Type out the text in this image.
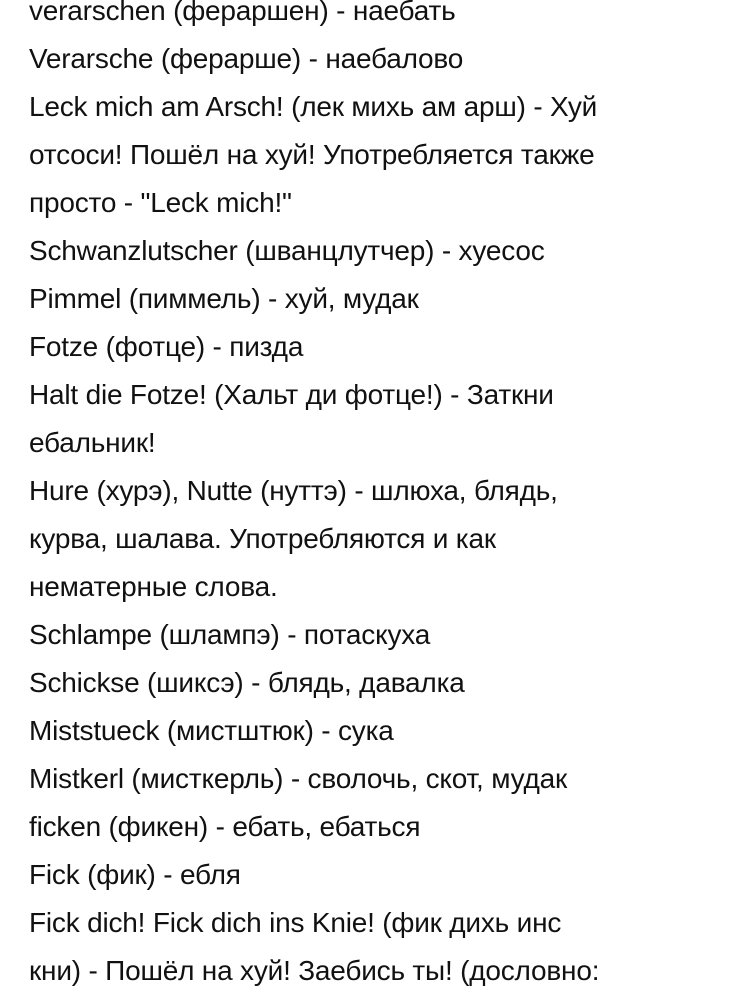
verarschen (фераршен) - наебать
Verarsche (ферарше) - наебалово
Leck mich am Arsch! (лек михь ам арш) - Хуй
отсоси! Пошёл на хуй! Употребляется также
просто - "Leck mich!"
Schwanzlutscher (шванцлутчер) - хуесос
Pimmel (пиммель) - хуй, мудак
Fotze (фотце) - пизда
Halt die Fotze! (Хальт ди фотце!) - Заткни
ебальник!
Hure (хурэ), Nutte (нуттэ) - шлюха, блядь,
курва, шалава. Употребляются и как
нематерные слова.
Schlampe (шлампэ) - потаскуха
Schickse (шиксэ) - блядь, давалка
Miststueck (мистштюк) - сука
Mistkerl (мисткерль) - сволочь, скот, мудак
ficken (фикен) - ебать, ебаться
Fick (фик) - ебля
Fick dich! Fick dich ins Knie! (фик дихь инс
кни) - Пошёл на хуй! Заебись ты! (дословно:
